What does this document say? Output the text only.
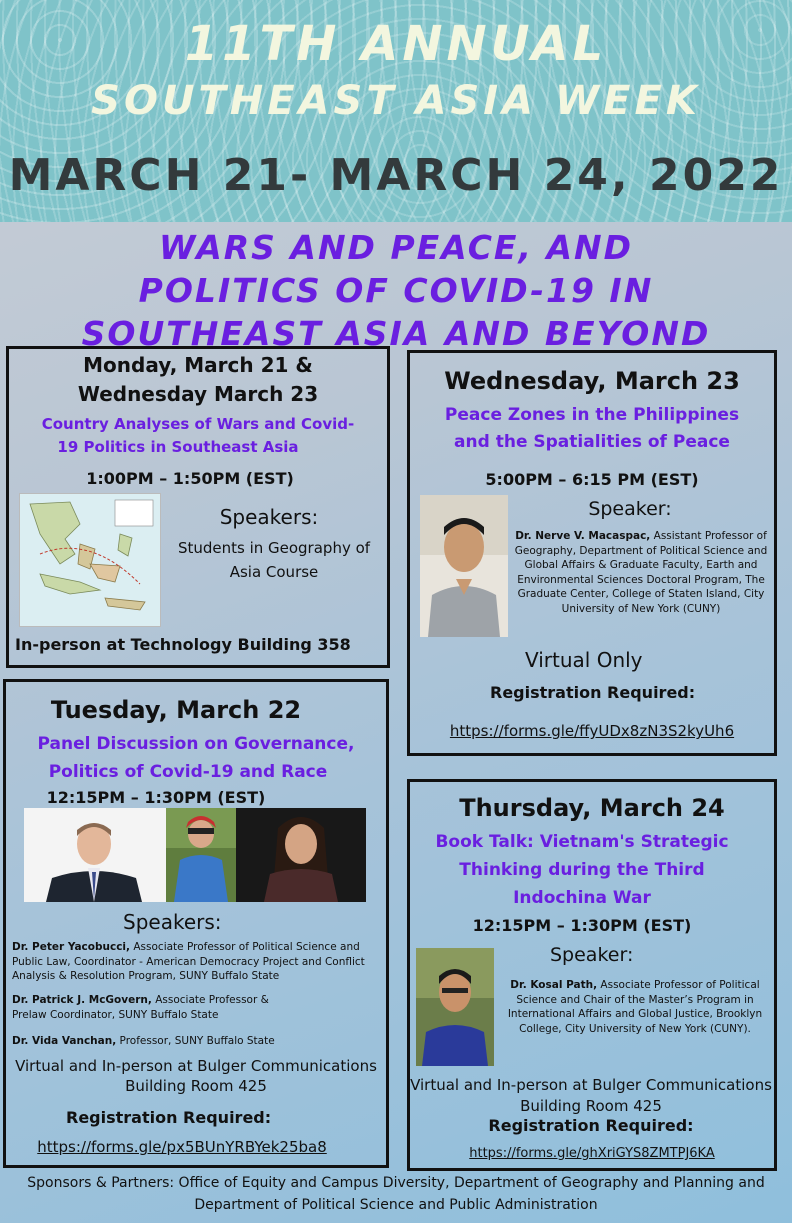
11TH ANNUAL
SOUTHEAST ASIA WEEK
MARCH 21- MARCH 24, 2022
WARS AND PEACE, AND
POLITICS OF COVID-19 IN
SOUTHEAST ASIA AND BEYOND
Monday, March 21 &
Wednesday March 23
Country Analyses of Wars and Covid-
19 Politics in Southeast Asia
1:00PM – 1:50PM (EST)
Speakers:
Students in Geography of
Asia Course
In-person at Technology Building 358
Wednesday, March 23
Peace Zones in the Philippines
and the Spatialities of Peace
5:00PM – 6:15 PM (EST)
Speaker:
Dr. Nerve V. Macaspac, Assistant Professor of Geography, Department of Political Science and Global Affairs & Graduate Faculty, Earth and Environmental Sciences Doctoral Program, The Graduate Center, College of Staten Island, City University of New York (CUNY)
Virtual Only
Registration Required:
https://forms.gle/ffyUDx8zN3S2kyUh6
Tuesday, March 22
Panel Discussion on Governance,
Politics of Covid-19 and Race
12:15PM – 1:30PM (EST)
Speakers:
Dr. Peter Yacobucci, Associate Professor of Political Science and Public Law, Coordinator - American Democracy Project and Conflict Analysis & Resolution Program, SUNY Buffalo State
Dr. Patrick J. McGovern, Associate Professor & Prelaw Coordinator, SUNY Buffalo State
Dr. Vida Vanchan, Professor, SUNY Buffalo State
Virtual and In-person at Bulger Communications
Building Room 425
Registration Required:
https://forms.gle/px5BUnYRBYek25ba8
Thursday, March 24
Book Talk: Vietnam's Strategic
Thinking during the Third
Indochina War
12:15PM – 1:30PM (EST)
Speaker:
Dr. Kosal Path, Associate Professor of Political Science and Chair of the Master’s Program in International Affairs and Global Justice, Brooklyn College, City University of New York (CUNY).
Virtual and In-person at Bulger Communications
Building Room 425
Registration Required:
https://forms.gle/ghXriGYS8ZMTPJ6KA
Sponsors & Partners: Office of Equity and Campus Diversity, Department of Geography and Planning and
Department of Political Science and Public Administration
